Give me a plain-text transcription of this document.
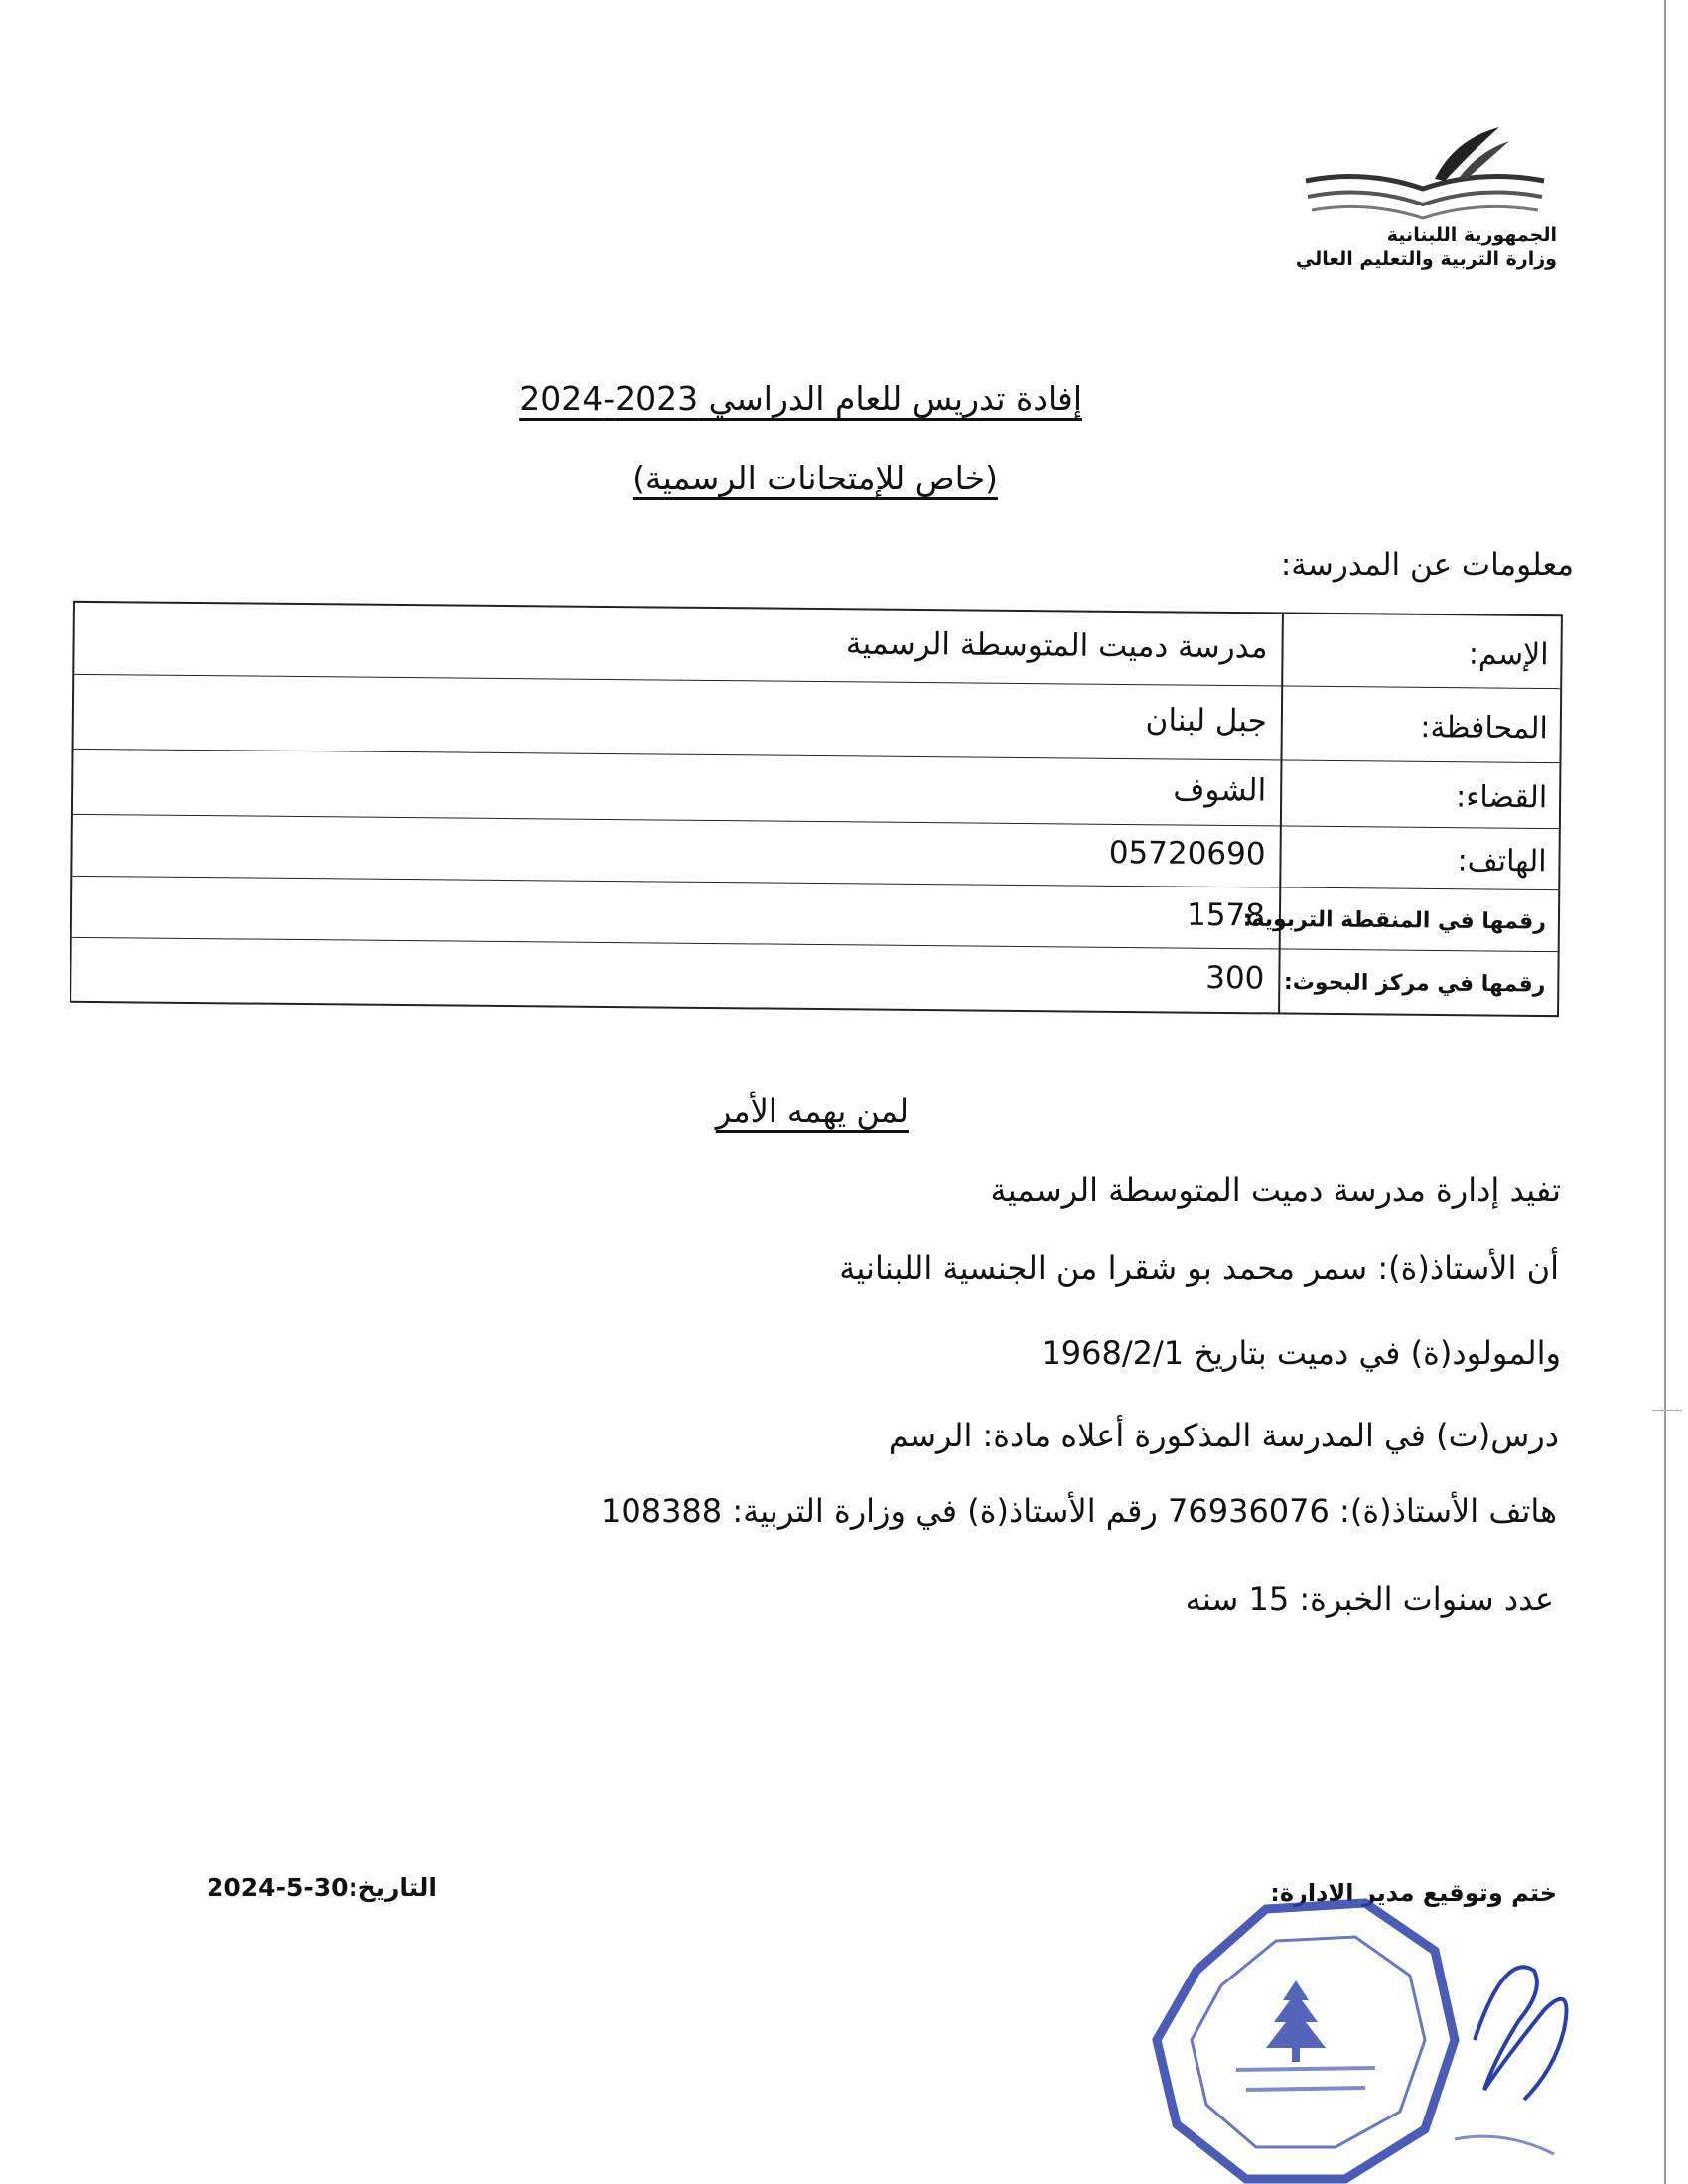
الجمهورية اللبنانية
وزارة التربية والتعليم العالي
إفادة تدريس للعام الدراسي 2023-2024
(خاص للإمتحانات الرسمية)
معلومات عن المدرسة:
الإسم:
مدرسة دميت المتوسطة الرسمية
المحافظة:
جبل لبنان
القضاء:
الشوف
الهاتف:
05720690
رقمها في المنقطة التربوية:
1578
رقمها في مركز البحوث:
300
لمن يهمه الأمر
تفيد إدارة مدرسة دميت المتوسطة الرسمية
أن الأستاذ(ة): سمر محمد بو شقرا من الجنسية اللبنانية
والمولود(ة) في دميت بتاريخ 1968/2/1
درس(ت) في المدرسة المذكورة أعلاه مادة: الرسم
هاتف الأستاذ(ة): 76936076 رقم الأستاذ(ة) في وزارة التربية: 108388
عدد سنوات الخبرة: 15 سنه
التاريخ:30-5-2024	ختم وتوقيع مدير الادارة:
